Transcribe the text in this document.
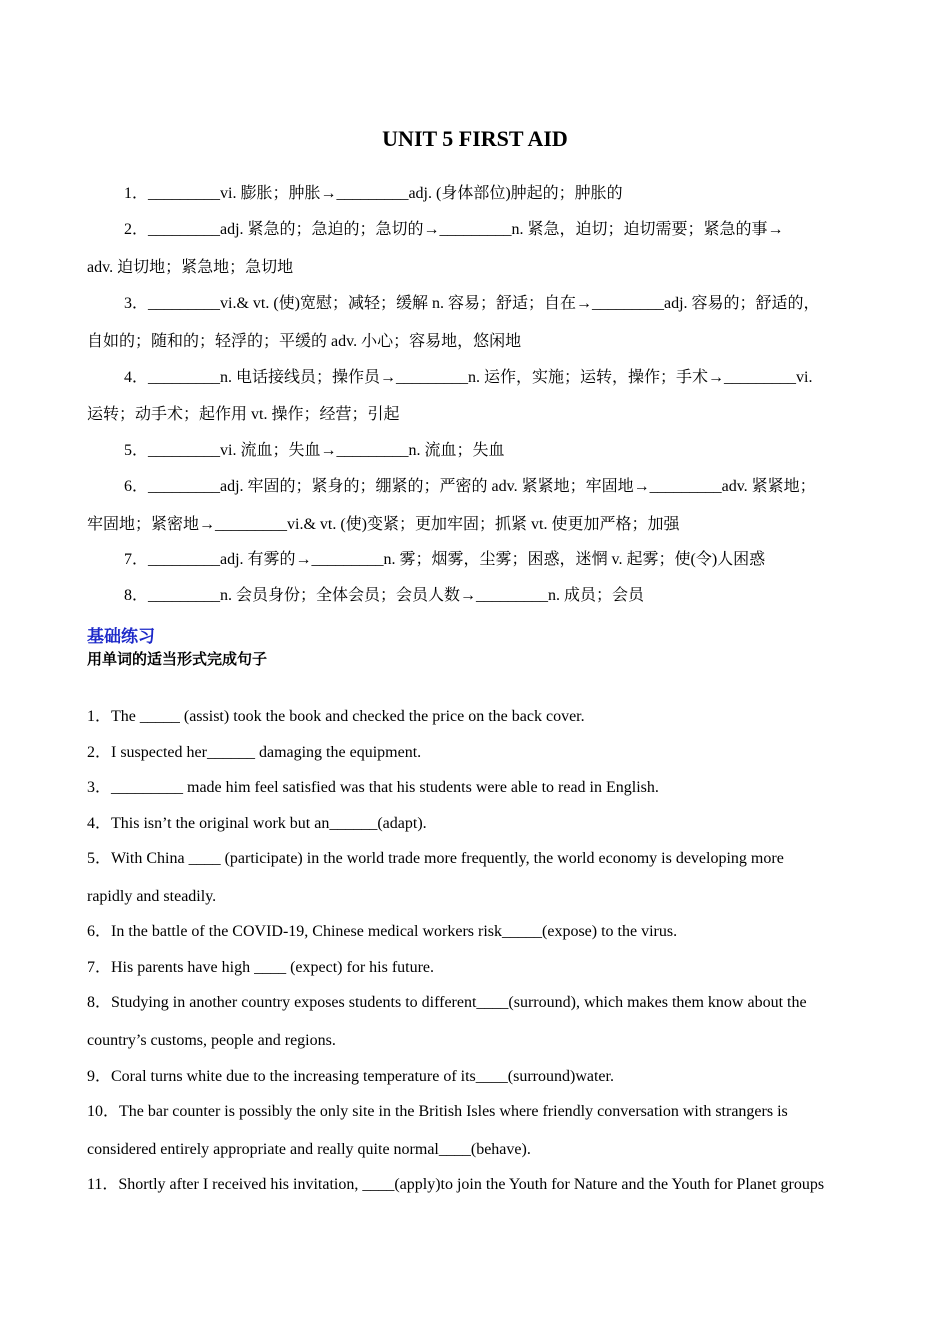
UNIT 5 FIRST AID
1．_________vi. 膨胀；肿胀→_________adj. (身体部位)肿起的；肿胀的
2．_________adj. 紧急的；急迫的；急切的→_________n. 紧急，迫切；迫切需要；紧急的事→
adv. 迫切地；紧急地；急切地
3．_________vi.& vt. (使)宽慰；减轻；缓解 n. 容易；舒适；自在→_________adj. 容易的；舒适的，
自如的；随和的；轻浮的；平缓的 adv. 小心；容易地，悠闲地
4．_________n. 电话接线员；操作员→_________n. 运作，实施；运转，操作；手术→_________vi.
运转；动手术；起作用 vt. 操作；经营；引起
5．_________vi. 流血；失血→_________n. 流血；失血
6．_________adj. 牢固的；紧身的；绷紧的；严密的 adv. 紧紧地；牢固地→_________adv. 紧紧地；
牢固地；紧密地→_________vi.& vt. (使)变紧；更加牢固；抓紧 vt. 使更加严格；加强
7．_________adj. 有雾的→_________n. 雾；烟雾，尘雾；困惑，迷惘 v. 起雾；使(令)人困惑
8．_________n. 会员身份；全体会员；会员人数→_________n. 成员；会员
基础练习
用单词的适当形式完成句子
1．The _____ (assist) took the book and checked the price on the back cover.
2．I suspected her______ damaging the equipment.
3．_________ made him feel satisfied was that his students were able to read in English.
4．This isn’t the original work but an______(adapt).
5．With China ____ (participate) in the world trade more frequently, the world economy is developing more
rapidly and steadily.
6．In the battle of the COVID-19, Chinese medical workers risk_____(expose) to the virus.
7．His parents have high ____ (expect) for his future.
8．Studying in another country exposes students to different____(surround), which makes them know about the
country’s customs, people and regions.
9．Coral turns white due to the increasing temperature of its____(surround)water.
10．The bar counter is possibly the only site in the British Isles where friendly conversation with strangers is
considered entirely appropriate and really quite normal____(behave).
11．Shortly after I received his invitation, ____(apply)to join the Youth for Nature and the Youth for Planet groups
